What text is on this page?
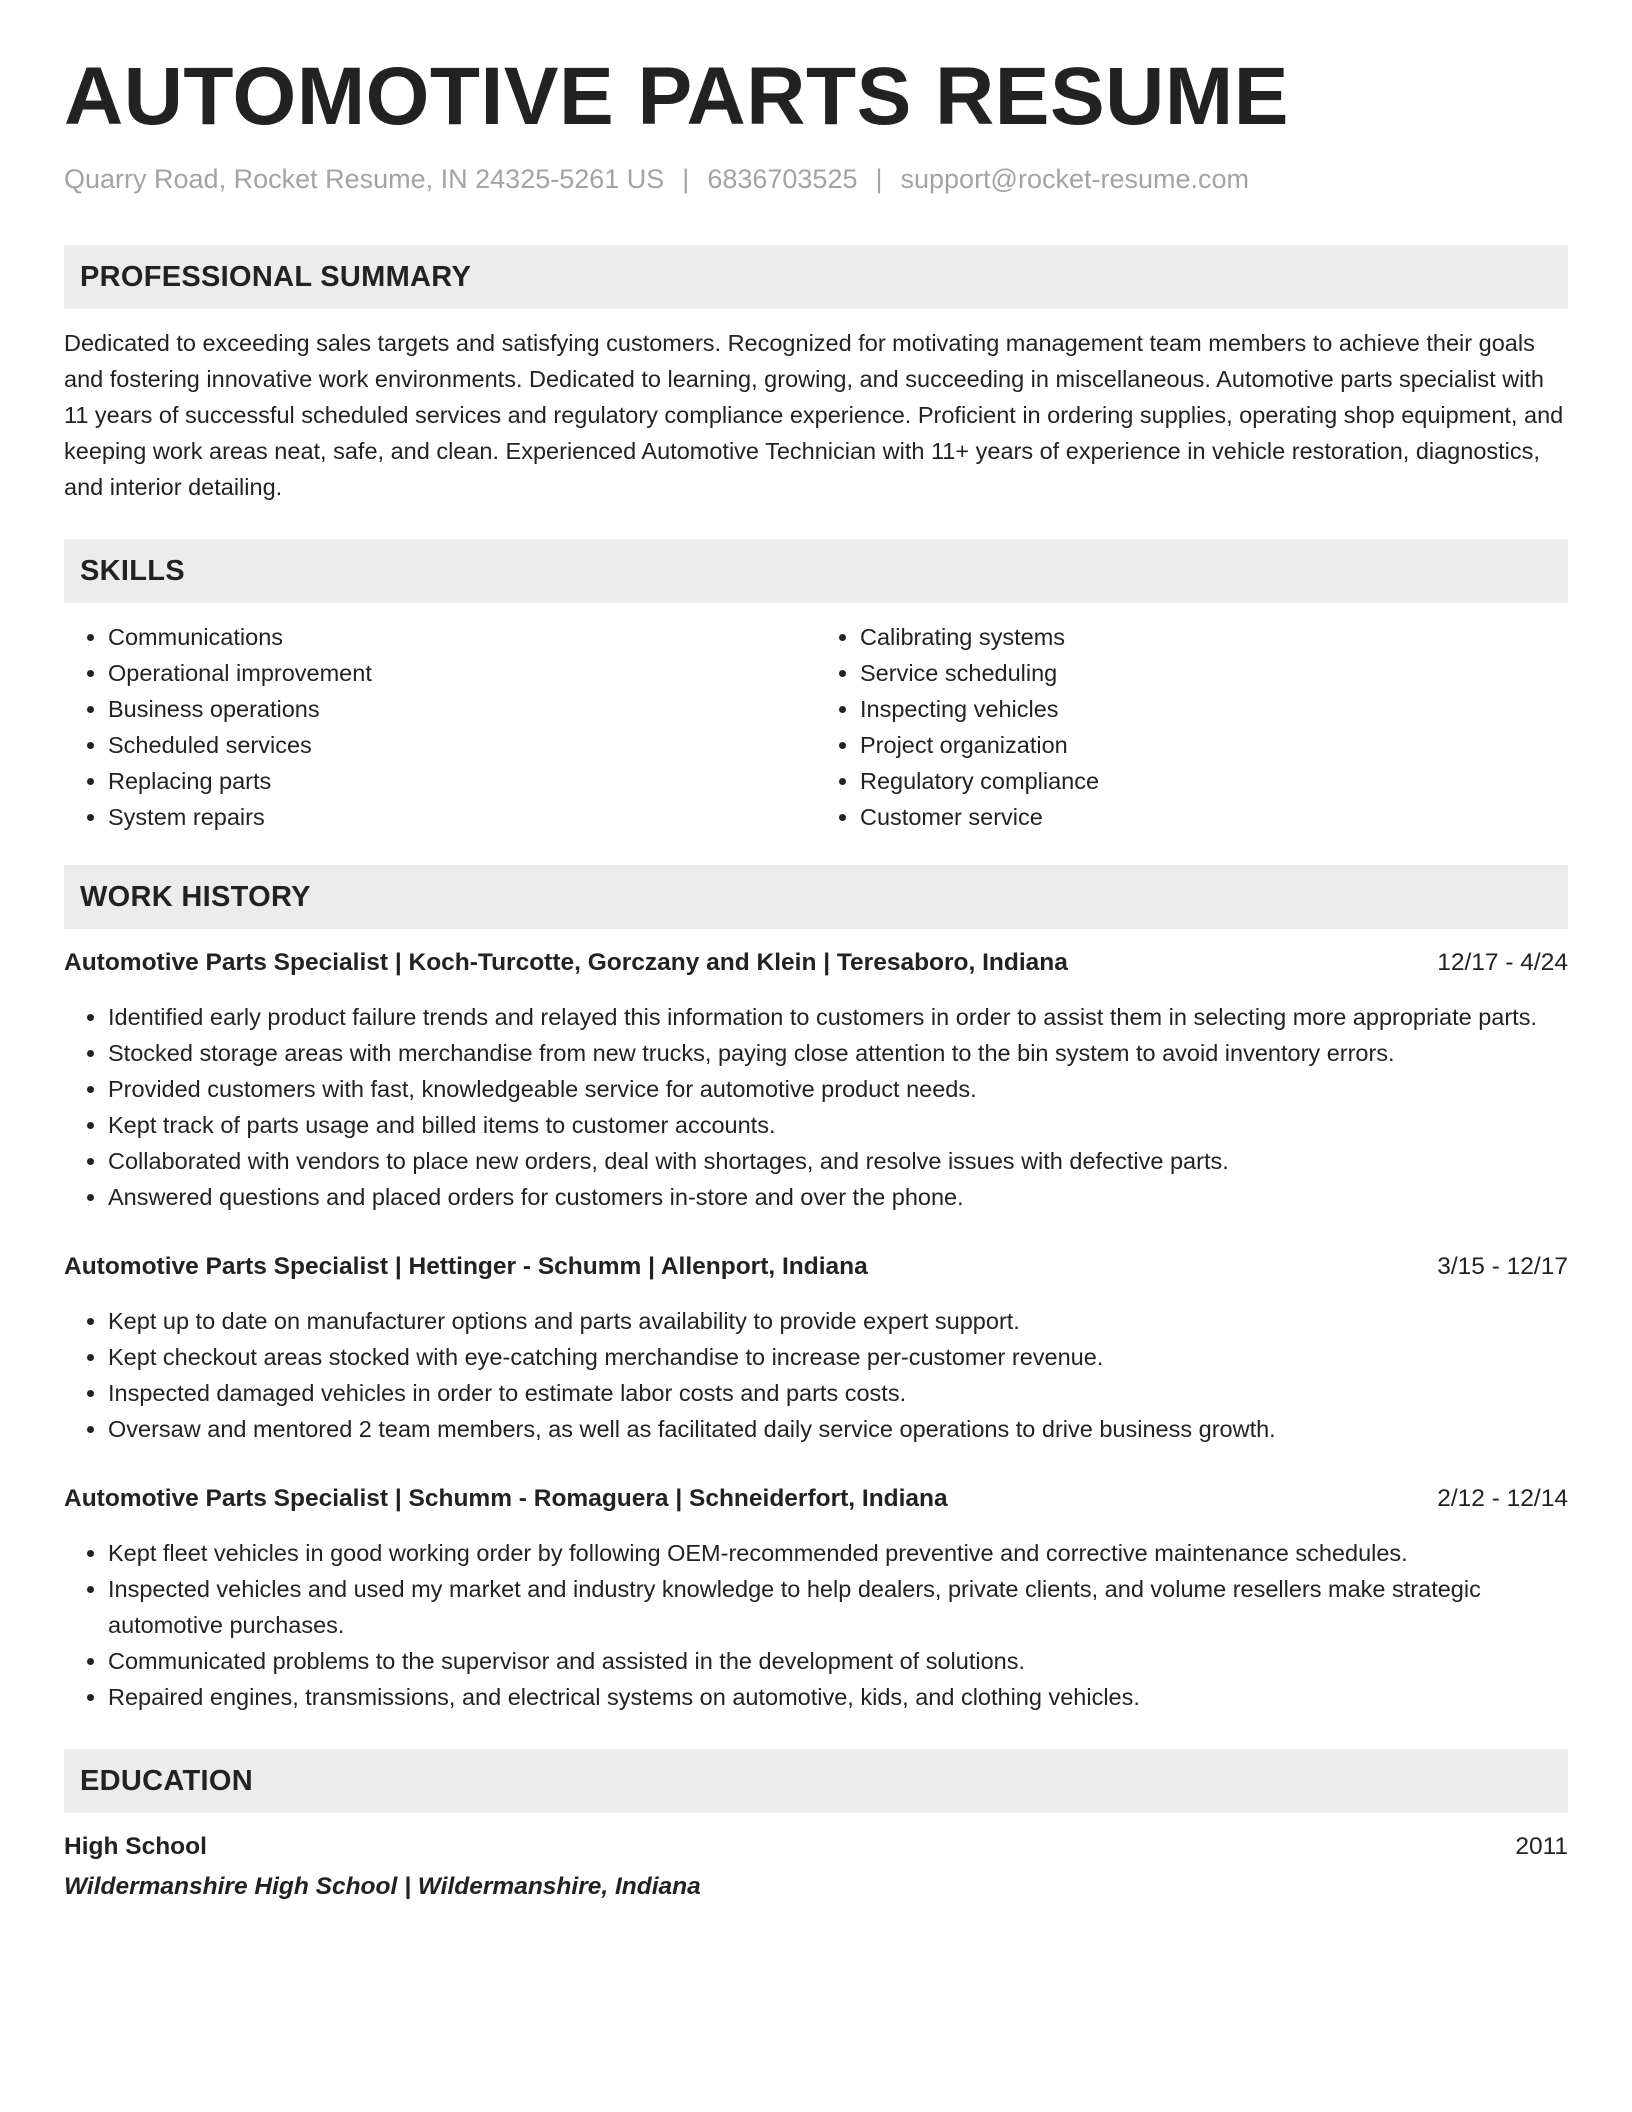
AUTOMOTIVE PARTS RESUME
Quarry Road, Rocket Resume, IN 24325-5261 US | 6836703525 | support@rocket-resume.com
PROFESSIONAL SUMMARY

Dedicated to exceeding sales targets and satisfying customers. Recognized for motivating management team members to achieve their goals and fostering innovative work environments. Dedicated to learning, growing, and succeeding in miscellaneous. Automotive parts specialist with 11 years of successful scheduled services and regulatory compliance experience. Proficient in ordering supplies, operating shop equipment, and keeping work areas neat, safe, and clean. Experienced Automotive Technician with 11+ years of experience in vehicle restoration, diagnostics, and interior detailing.

SKILLS
• Communications
• Operational improvement
• Business operations
• Scheduled services
• Replacing parts
• System repairs
• Calibrating systems
• Service scheduling
• Inspecting vehicles
• Project organization
• Regulatory compliance
• Customer service
WORK HISTORY
Automotive Parts Specialist | Koch-Turcotte, Gorczany and Klein | Teresaboro, Indiana	12/17 - 4/24
• Identified early product failure trends and relayed this information to customers in order to assist them in selecting more appropriate parts.
• Stocked storage areas with merchandise from new trucks, paying close attention to the bin system to avoid inventory errors.
• Provided customers with fast, knowledgeable service for automotive product needs.
• Kept track of parts usage and billed items to customer accounts.
• Collaborated with vendors to place new orders, deal with shortages, and resolve issues with defective parts.
• Answered questions and placed orders for customers in-store and over the phone.
Automotive Parts Specialist | Hettinger - Schumm | Allenport, Indiana	3/15 - 12/17
• Kept up to date on manufacturer options and parts availability to provide expert support.
• Kept checkout areas stocked with eye-catching merchandise to increase per-customer revenue.
• Inspected damaged vehicles in order to estimate labor costs and parts costs.
• Oversaw and mentored 2 team members, as well as facilitated daily service operations to drive business growth.
Automotive Parts Specialist | Schumm - Romaguera | Schneiderfort, Indiana	2/12 - 12/14
• Kept fleet vehicles in good working order by following OEM-recommended preventive and corrective maintenance schedules.
• Inspected vehicles and used my market and industry knowledge to help dealers, private clients, and volume resellers make strategic automotive purchases.
• Communicated problems to the supervisor and assisted in the development of solutions.
• Repaired engines, transmissions, and electrical systems on automotive, kids, and clothing vehicles.
EDUCATION
High School	2011
Wildermanshire High School | Wildermanshire, Indiana
